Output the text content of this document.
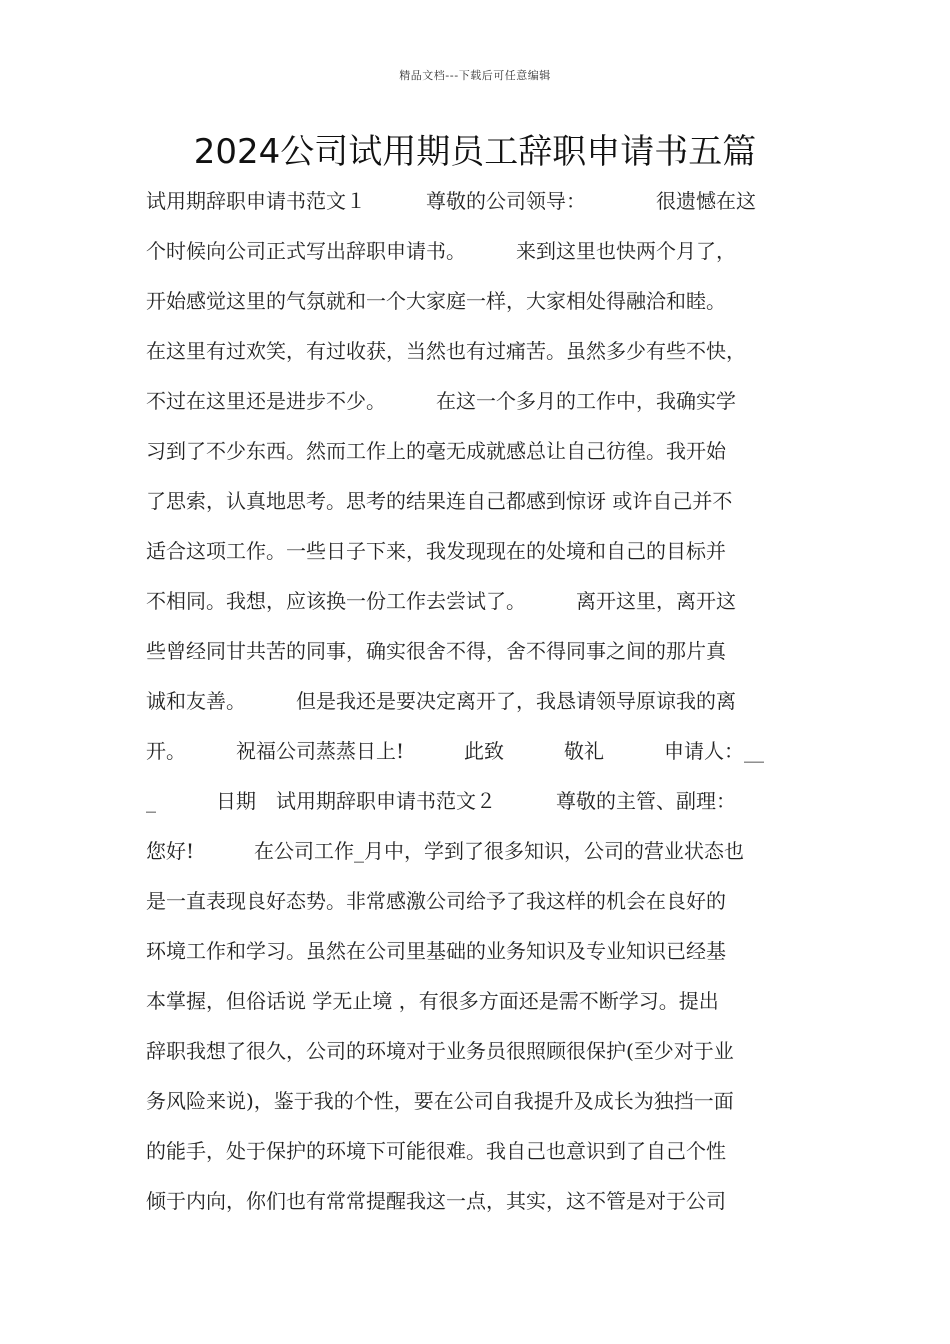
精品文档---下载后可任意编辑
2024公司试用期员工辞职申请书五篇
试用期辞职申请书范文１　　　尊敬的公司领导：　　　　很遗憾在这
个时候向公司正式写出辞职申请书。　　　来到这里也快两个月了，
开始感觉这里的气氛就和一个大家庭一样，大家相处得融洽和睦。
在这里有过欢笑，有过收获，当然也有过痛苦。虽然多少有些不快，
不过在这里还是进步不少。　　　在这一个多月的工作中，我确实学
习到了不少东西。然而工作上的毫无成就感总让自己彷徨。我开始
了思索，认真地思考。思考的结果连自己都感到惊讶 或许自己并不
适合这项工作。一些日子下来，我发现现在的处境和自己的目标并
不相同。我想，应该换一份工作去尝试了。　　　离开这里，离开这
些曾经同甘共苦的同事，确实很舍不得，舍不得同事之间的那片真
诚和友善。　　　但是我还是要决定离开了，我恳请领导原谅我的离
开。　　　祝福公司蒸蒸日上!　　　此致　　　敬礼　　　申请人：__
_　　　日期　试用期辞职申请书范文２　　　尊敬的主管、副理：
您好!　　　在公司工作_月中，学到了很多知识，公司的营业状态也
是一直表现良好态势。非常感激公司给予了我这样的机会在良好的
环境工作和学习。虽然在公司里基础的业务知识及专业知识已经基
本掌握，但俗话说 学无止境 ，有很多方面还是需不断学习。提出
辞职我想了很久，公司的环境对于业务员很照顾很保护(至少对于业
务风险来说)，鉴于我的个性，要在公司自我提升及成长为独挡一面
的能手，处于保护的环境下可能很难。我自己也意识到了自己个性
倾于内向，你们也有常常提醒我这一点，其实，这不管是对于公司
